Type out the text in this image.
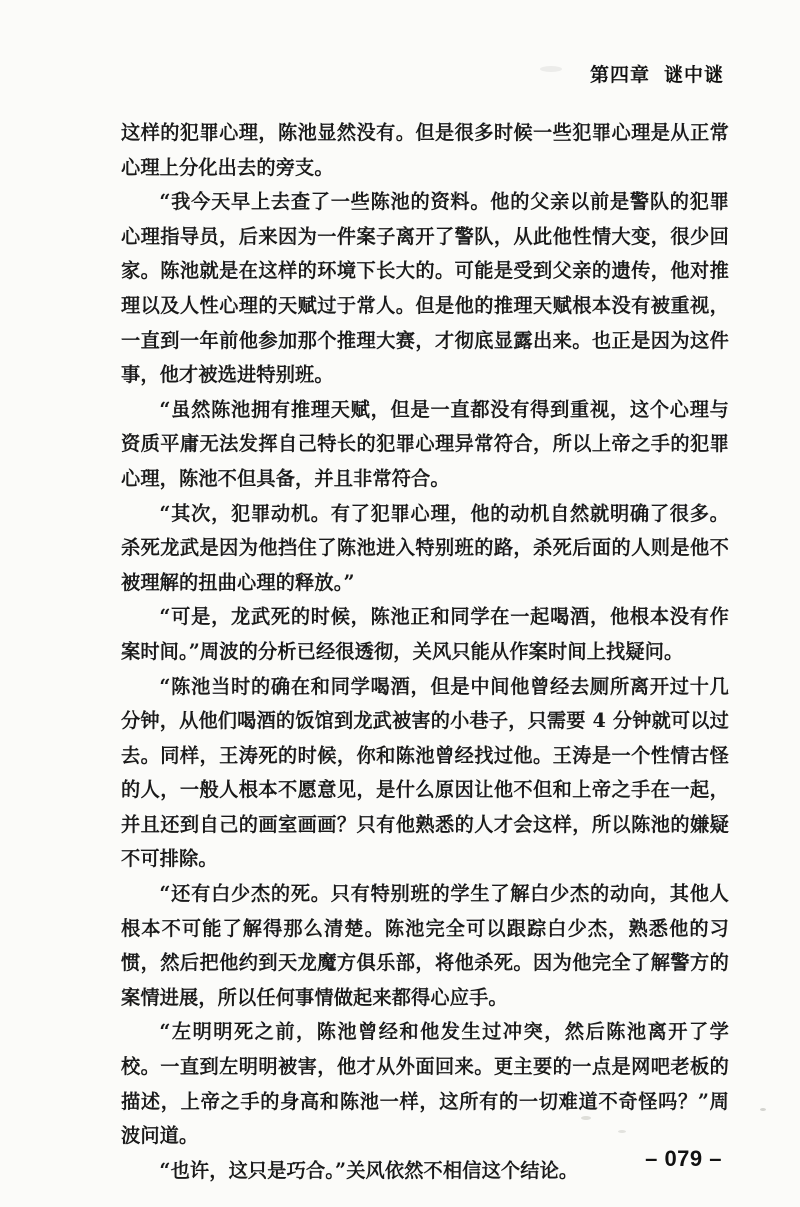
第四章 谜中谜

这样的犯罪心理，陈池显然没有。但是很多时候一些犯罪心理是从正常心理上分化出去的旁支。

“我今天早上去查了一些陈池的资料。他的父亲以前是警队的犯罪心理指导员，后来因为一件案子离开了警队，从此他性情大变，很少回家。陈池就是在这样的环境下长大的。可能是受到父亲的遗传，他对推理以及人性心理的天赋过于常人。但是他的推理天赋根本没有被重视，一直到一年前他参加那个推理大赛，才彻底显露出来。也正是因为这件事，他才被选进特别班。

“虽然陈池拥有推理天赋，但是一直都没有得到重视，这个心理与资质平庸无法发挥自己特长的犯罪心理异常符合，所以上帝之手的犯罪心理，陈池不但具备，并且非常符合。

“其次，犯罪动机。有了犯罪心理，他的动机自然就明确了很多。杀死龙武是因为他挡住了陈池进入特别班的路，杀死后面的人则是他不被理解的扭曲心理的释放。”

“可是，龙武死的时候，陈池正和同学在一起喝酒，他根本没有作案时间。”周波的分析已经很透彻，关风只能从作案时间上找疑问。

“陈池当时的确在和同学喝酒，但是中间他曾经去厕所离开过十几分钟，从他们喝酒的饭馆到龙武被害的小巷子，只需要 4 分钟就可以过去。同样，王涛死的时候，你和陈池曾经找过他。王涛是一个性情古怪的人，一般人根本不愿意见，是什么原因让他不但和上帝之手在一起，并且还到自己的画室画画？只有他熟悉的人才会这样，所以陈池的嫌疑不可排除。

“还有白少杰的死。只有特别班的学生了解白少杰的动向，其他人根本不可能了解得那么清楚。陈池完全可以跟踪白少杰，熟悉他的习惯，然后把他约到天龙魔方俱乐部，将他杀死。因为他完全了解警方的案情进展，所以任何事情做起来都得心应手。

“左明明死之前，陈池曾经和他发生过冲突，然后陈池离开了学校。一直到左明明被害，他才从外面回来。更主要的一点是网吧老板的描述，上帝之手的身高和陈池一样，这所有的一切难道不奇怪吗？”周波问道。

“也许，这只是巧合。”关风依然不相信这个结论。	– 079 –
